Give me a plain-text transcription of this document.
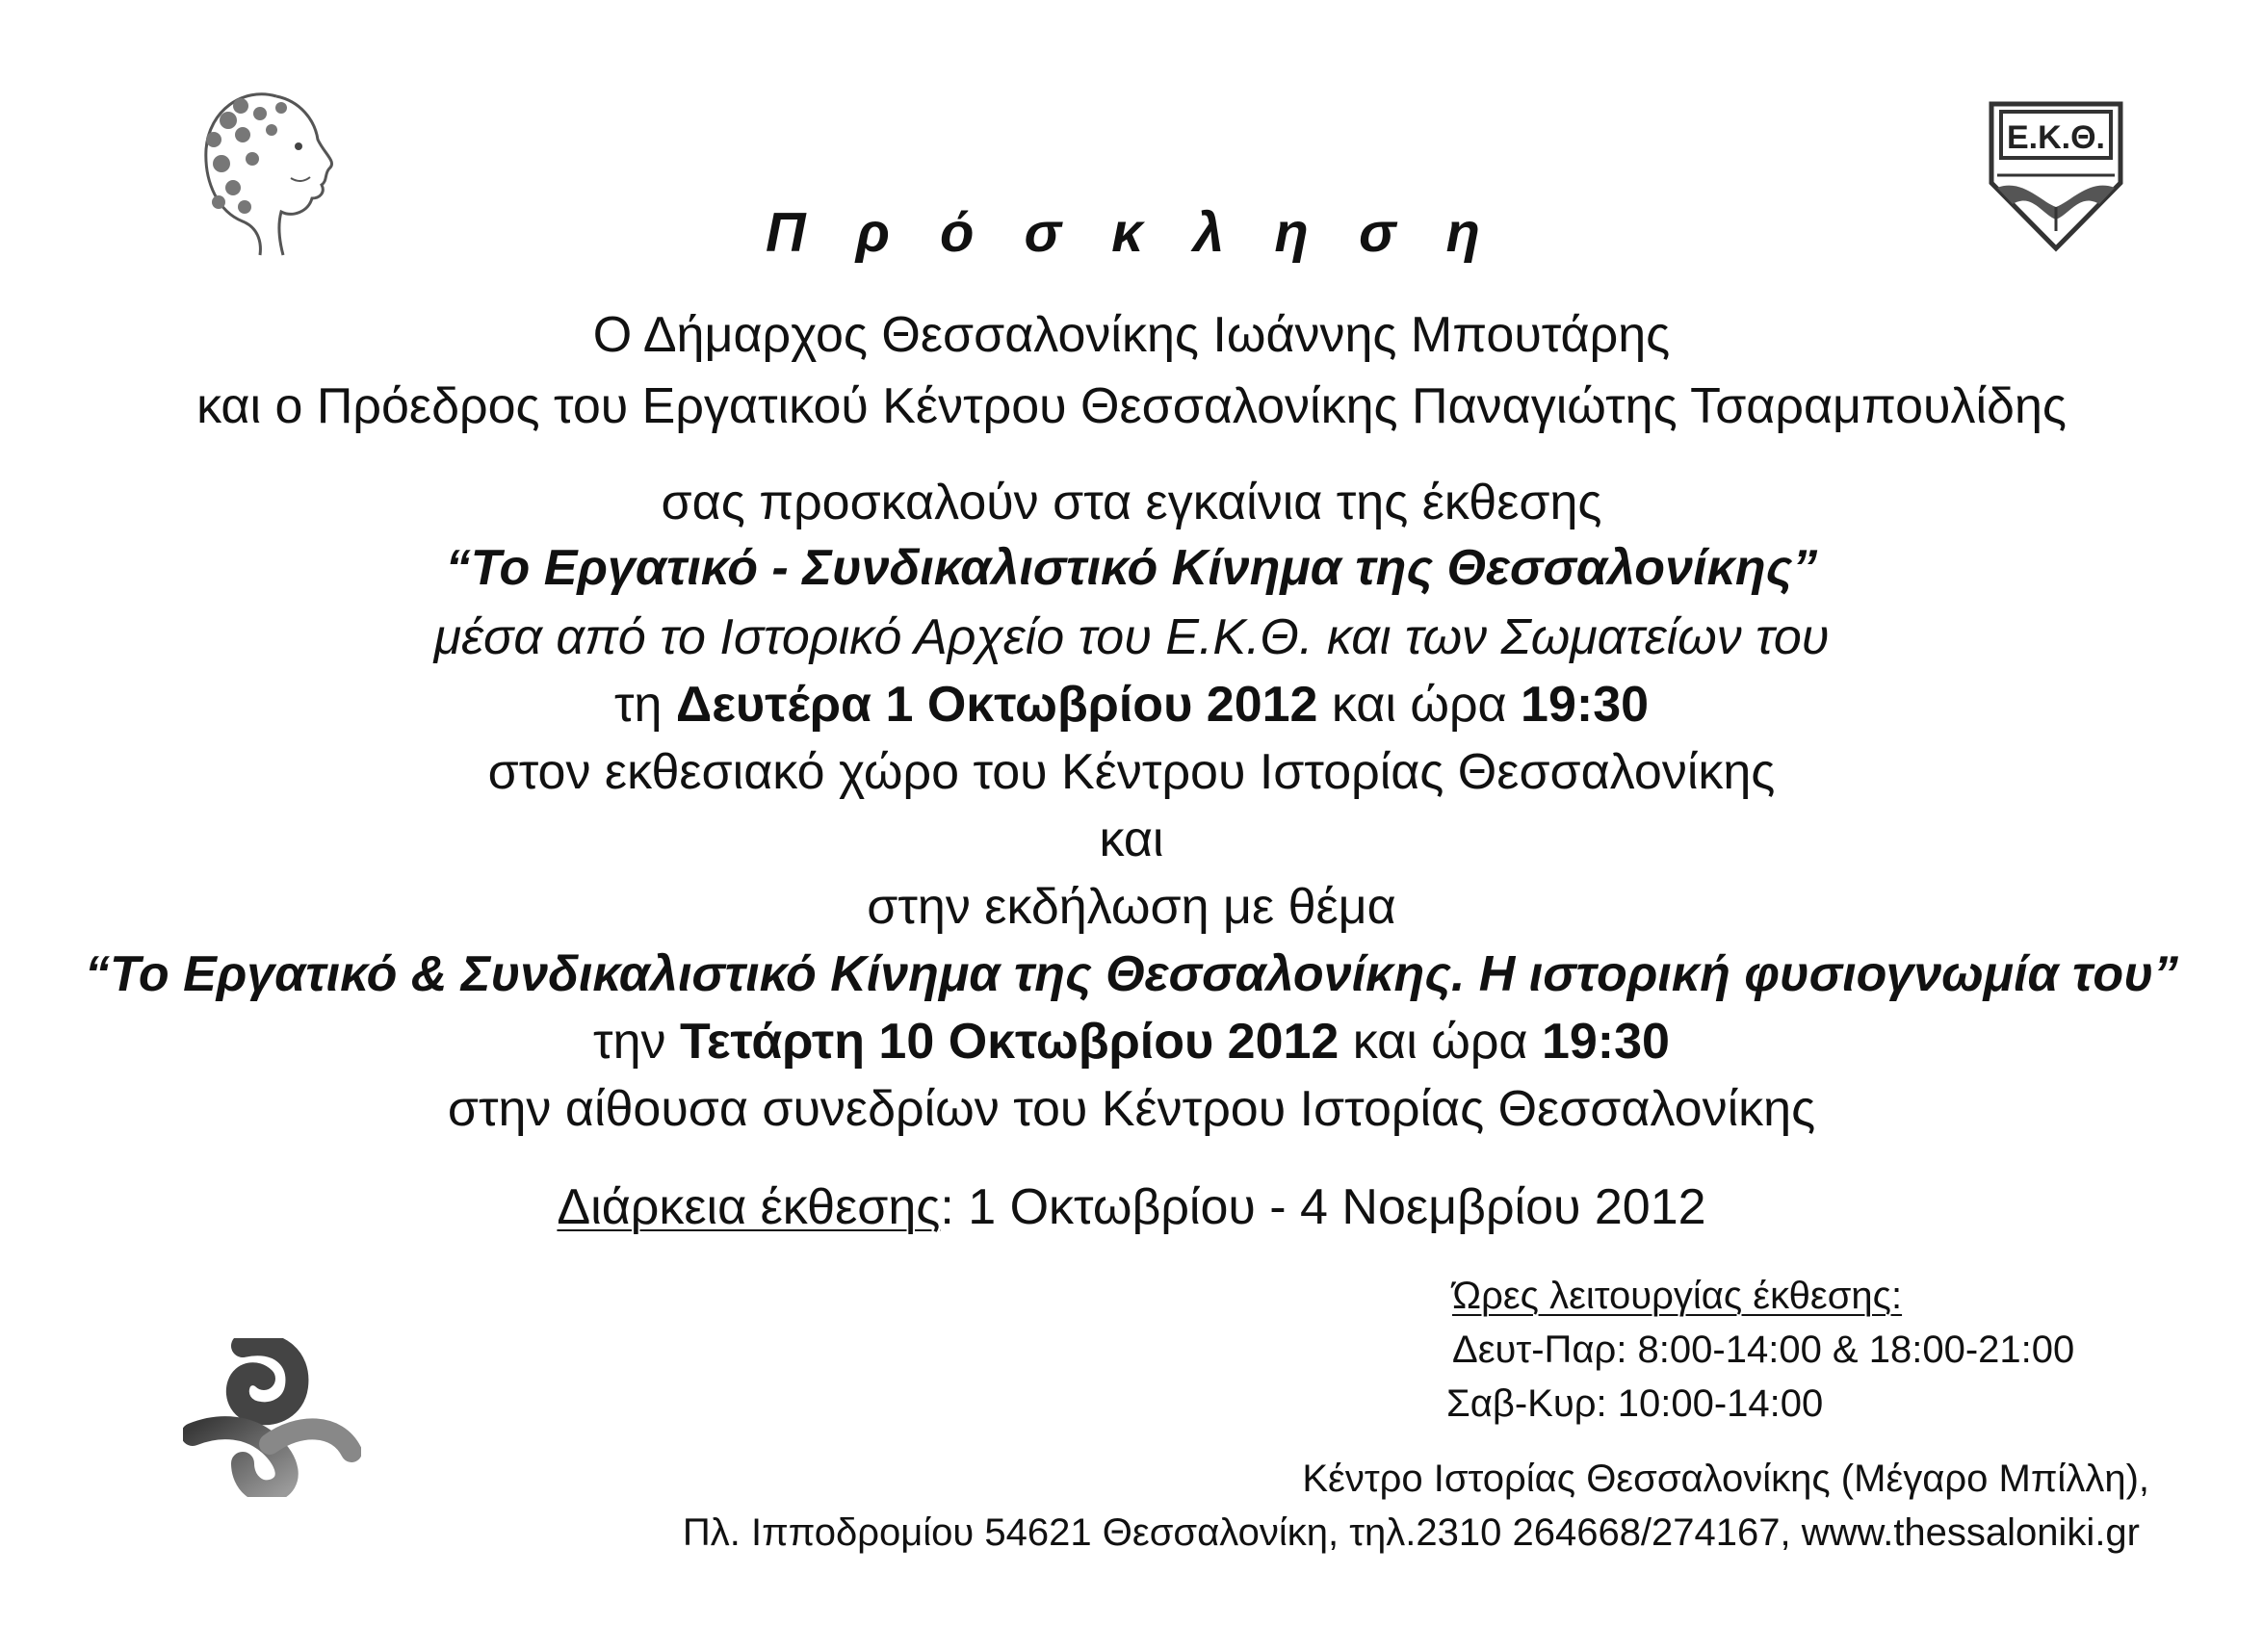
Ε.Κ.Θ.
Π ρ ό σ κ λ η σ η
Ο Δήμαρχος Θεσσαλονίκης Ιωάννης Μπουτάρης
και ο Πρόεδρος του Εργατικού Κέντρου Θεσσαλονίκης Παναγιώτης Τσαραμπουλίδης
σας προσκαλούν στα εγκαίνια της έκθεσης
“Το Εργατικό - Συνδικαλιστικό Κίνημα της Θεσσαλονίκης”
μέσα από το Ιστορικό Αρχείο του Ε.Κ.Θ. και των Σωματείων του
τη Δευτέρα 1 Οκτωβρίου 2012 και ώρα 19:30
στον εκθεσιακό χώρο του Κέντρου Ιστορίας Θεσσαλονίκης
και
στην εκδήλωση με θέμα
“Το Εργατικό & Συνδικαλιστικό Κίνημα της Θεσσαλονίκης. Η ιστορική φυσιογνωμία του”
την Τετάρτη 10 Οκτωβρίου 2012 και ώρα 19:30
στην αίθουσα συνεδρίων του Κέντρου Ιστορίας Θεσσαλονίκης
Διάρκεια έκθεσης: 1 Οκτωβρίου - 4 Νοεμβρίου 2012
Ώρες λειτουργίας έκθεσης:
Δευτ-Παρ: 8:00-14:00 & 18:00-21:00
Σαβ-Κυρ: 10:00-14:00
Κέντρο Ιστορίας Θεσσαλονίκης (Μέγαρο Μπίλλη),
Πλ. Ιπποδρομίου 54621 Θεσσαλονίκη, τηλ.2310 264668/274167, www.thessaloniki.gr
